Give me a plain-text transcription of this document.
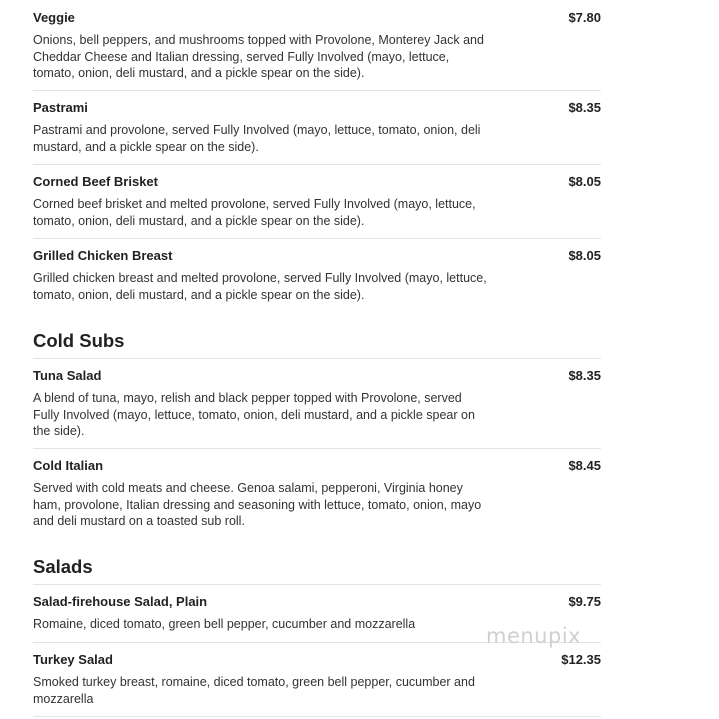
Veggie	$7.80
Onions, bell peppers, and mushrooms topped with Provolone, Monterey Jack and Cheddar Cheese and Italian dressing, served Fully Involved (mayo, lettuce, tomato, onion, deli mustard, and a pickle spear on the side).
Pastrami	$8.35
Pastrami and provolone, served Fully Involved (mayo, lettuce, tomato, onion, deli mustard, and a pickle spear on the side).
Corned Beef Brisket	$8.05
Corned beef brisket and melted provolone, served Fully Involved (mayo, lettuce, tomato, onion, deli mustard, and a pickle spear on the side).
Grilled Chicken Breast	$8.05
Grilled chicken breast and melted provolone, served Fully Involved (mayo, lettuce, tomato, onion, deli mustard, and a pickle spear on the side).
Cold Subs
Tuna Salad	$8.35
A blend of tuna, mayo, relish and black pepper topped with Provolone, served Fully Involved (mayo, lettuce, tomato, onion, deli mustard, and a pickle spear on the side).
Cold Italian	$8.45
Served with cold meats and cheese. Genoa salami, pepperoni, Virginia honey ham, provolone, Italian dressing and seasoning with lettuce, tomato, onion, mayo and deli mustard on a toasted sub roll.
Salads
Salad-firehouse Salad, Plain	$9.75
Romaine, diced tomato, green bell pepper, cucumber and mozzarella
Turkey Salad	$12.35
Smoked turkey breast, romaine, diced tomato, green bell pepper, cucumber and mozzarella
menupix
